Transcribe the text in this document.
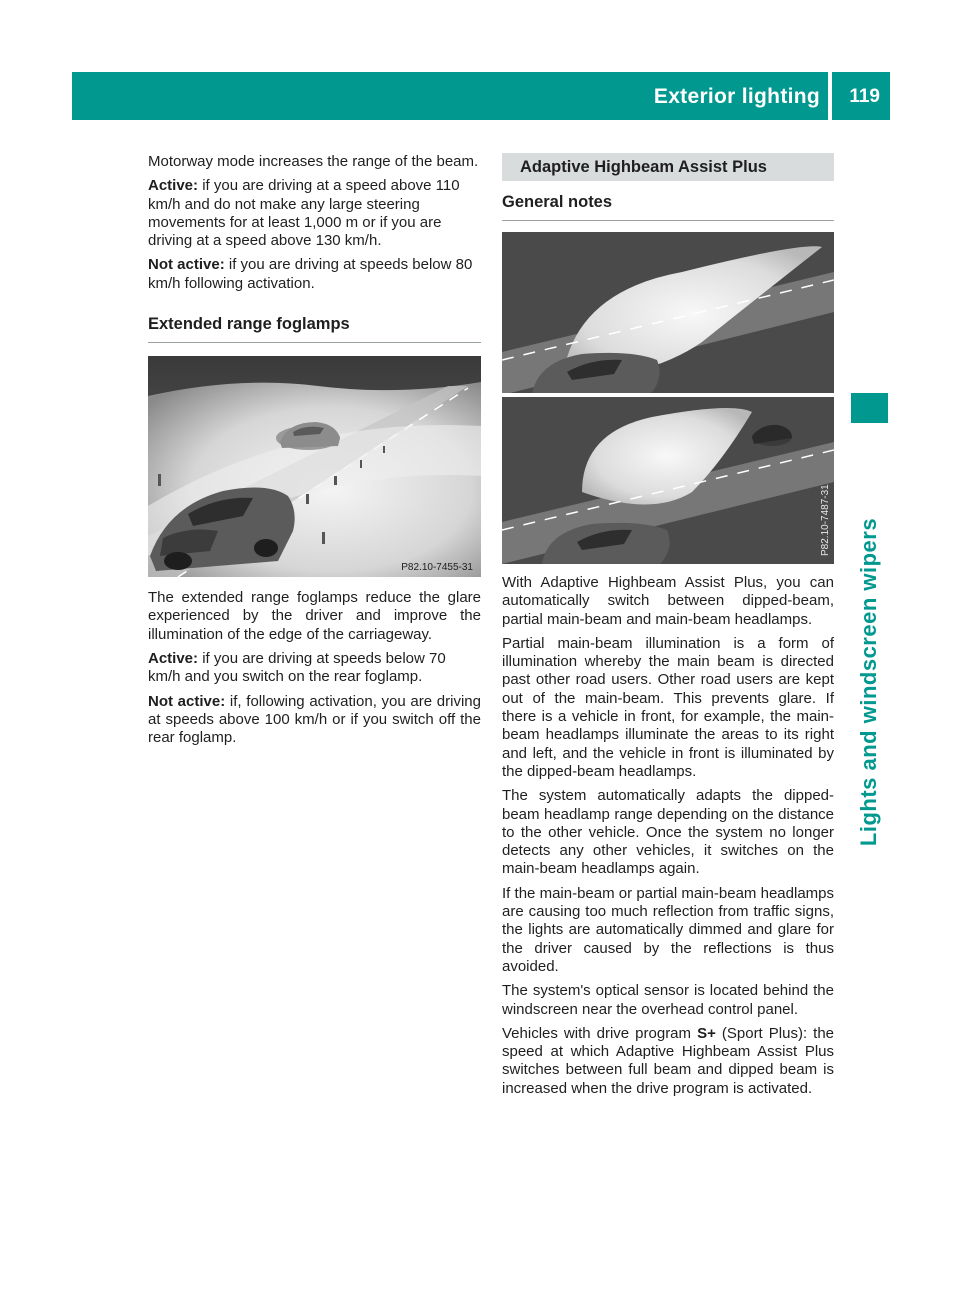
Exterior lighting 119
Lights and windscreen wipers

Motorway mode increases the range of the beam.

Active: if you are driving at a speed above 110 km/h and do not make any large steering movements for at least 1,000 m or if you are driving at a speed above 130 km/h.

Not active: if you are driving at speeds below 80 km/h following activation.

Extended range foglamps
P82.10-7455-31

The extended range foglamps reduce the glare experienced by the driver and improve the illumination of the edge of the carriageway.

Active: if you are driving at speeds below 70 km/h and you switch on the rear foglamp.

Not active: if, following activation, you are driving at speeds above 100 km/h or if you switch off the rear foglamp.

Adaptive Highbeam Assist Plus
General notes
P82.10-7487-31

With Adaptive Highbeam Assist Plus, you can automatically switch between dipped-beam, partial main-beam and main-beam headlamps.

Partial main-beam illumination is a form of illumination whereby the main beam is directed past other road users. Other road users are kept out of the main-beam. This prevents glare. If there is a vehicle in front, for example, the main-beam headlamps illuminate the areas to its right and left, and the vehicle in front is illuminated by the dipped-beam headlamps.

The system automatically adapts the dipped-beam headlamp range depending on the distance to the other vehicle. Once the system no longer detects any other vehicles, it switches on the main-beam headlamps again.

If the main-beam or partial main-beam headlamps are causing too much reflection from traffic signs, the lights are automatically dimmed and glare for the driver caused by the reflections is thus avoided.

The system's optical sensor is located behind the windscreen near the overhead control panel.

Vehicles with drive program S+ (Sport Plus): the speed at which Adaptive Highbeam Assist Plus switches between full beam and dipped beam is increased when the drive program is activated.
